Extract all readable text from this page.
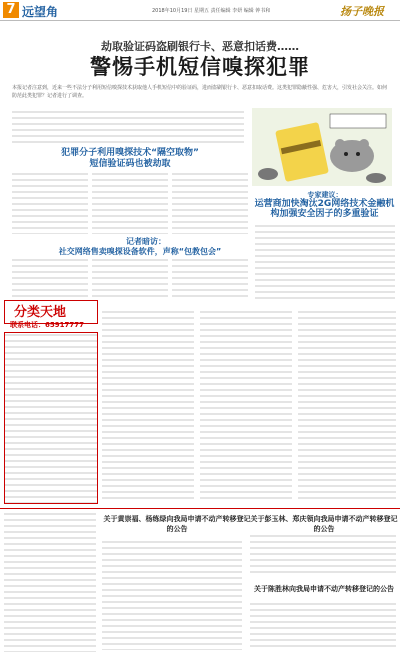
7 远望角	2018年10月19日 星期五 责任编辑 李妍 编辑 钟书和	扬子晚报
劫取验证码盗刷银行卡、恶意扣话费……
警惕手机短信嗅探犯罪
本报记者注意到，近来一些不法分子利用短信嗅探技术获取他人手机短信中的验证码，进而盗刷银行卡、恶意扣取话费。这类犯罪隐蔽性强、危害大，引发社会关注。如何防范此类犯罪？记者进行了调查。
专家建议：
运营商加快淘汰2G网络技术金融机构加强安全因子的多重验证
犯罪分子利用嗅探技术“隔空取物”
短信验证码也被劫取
记者暗访：
社交网络售卖嗅探设备软件，声称“包教包会”
分类天地
联系电话：65917777
关于黄崇福、杨练绿向我局申请不动产转移登记的公告
关于彭玉林、郑庆领向我局申请不动产转移登记的公告
关于陈胜林向我局申请不动产转移登记的公告
